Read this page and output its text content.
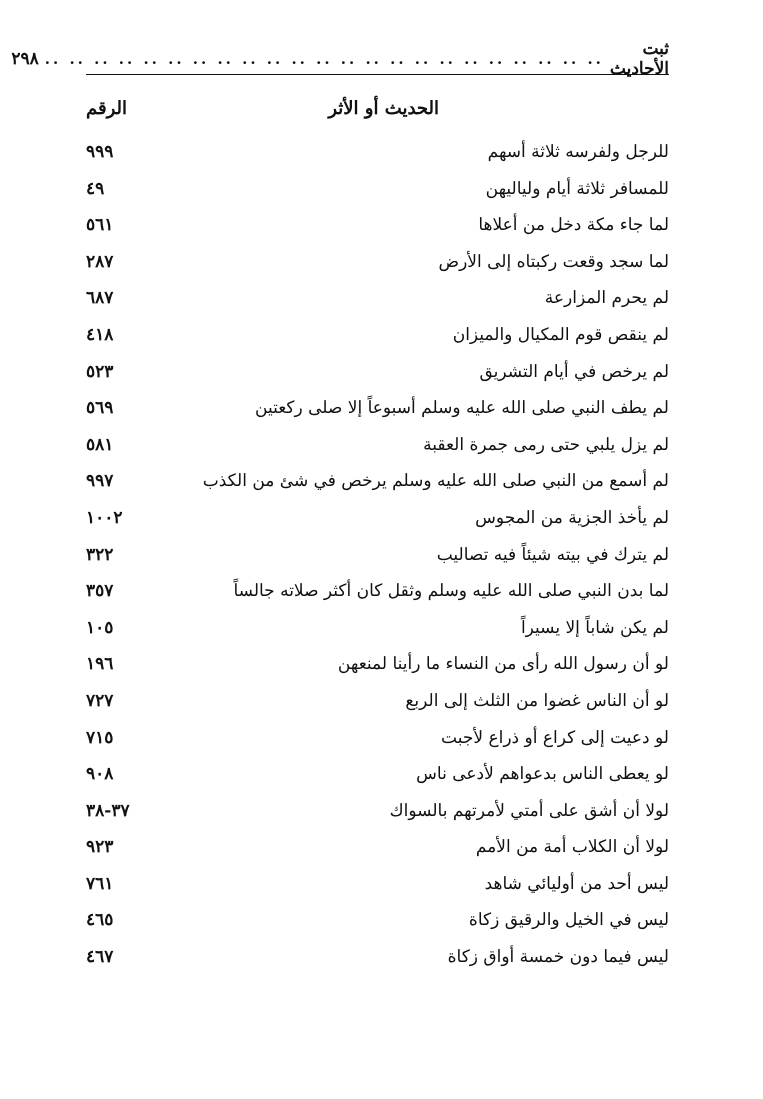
ثبت الأحاديث
.. .. .. .. .. .. .. .. .. .. .. .. .. .. .. .. .. .. .. .. .. .. ..
٢٩٨
الحديث أو الأثر
الرقم
للرجل ولفرسه ثلاثة أسهم
٩٩٩
للمسافر ثلاثة أيام ولياليهن
٤٩
لما جاء مكة دخل من أعلاها
٥٦١
لما سجد وقعت ركبتاه إلى الأرض
٢٨٧
لم يحرم المزارعة
٦٨٧
لم ينقص قوم المكيال والميزان
٤١٨
لم يرخص في أيام التشريق
٥٢٣
لم يطف النبي صلى الله عليه وسلم أسبوعاً إلا صلى ركعتين
٥٦٩
لم يزل يلبي حتى رمى جمرة العقبة
٥٨١
لم أسمع من النبي صلى الله عليه وسلم يرخص في شئ من الكذب
٩٩٧
لم يأخذ الجزية من المجوس
١٠٠٢
لم يترك في بيته شيئاً فيه تصاليب
٣٢٢
لما بدن النبي صلى الله عليه وسلم وثقل كان أكثر صلاته جالساً
٣٥٧
لم يكن شاباً إلا يسيراً
١٠٥
لو أن رسول الله رأى من النساء ما رأينا لمنعهن
١٩٦
لو أن الناس غضوا من الثلث إلى الربع
٧٢٧
لو دعيت إلى كراع أو ذراع لأجبت
٧١٥
لو يعطى الناس بدعواهم لأدعى ناس
٩٠٨
لولا أن أشق على أمتي لأمرتهم بالسواك
٣٧-٣٨
لولا أن الكلاب أمة من الأمم
٩٢٣
ليس أحد من أوليائي شاهد
٧٦١
ليس في الخيل والرقيق زكاة
٤٦٥
ليس فيما دون خمسة أواق زكاة
٤٦٧
